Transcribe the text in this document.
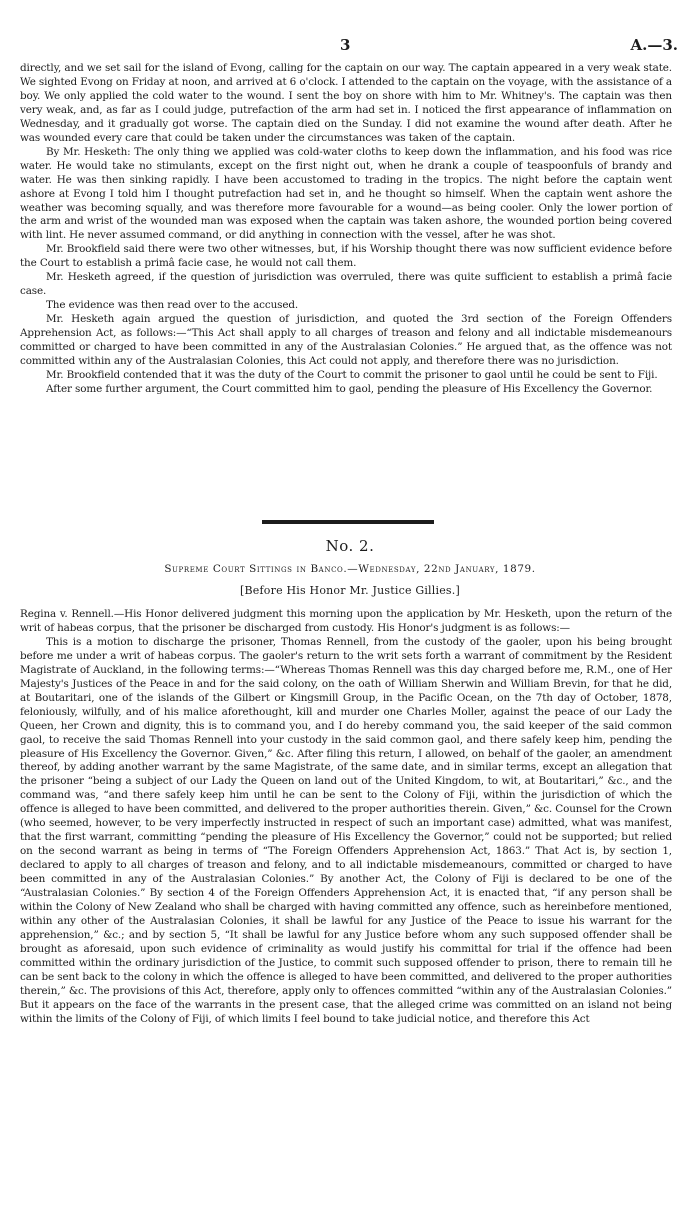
3	A.—3.

directly, and we set sail for the island of Evong, calling for the captain on our way. The captain appeared in a very weak state. We sighted Evong on Friday at noon, and arrived at 6 o'clock. I attended to the captain on the voyage, with the assistance of a boy. We only applied the cold water to the wound. I sent the boy on shore with him to Mr. Whitney's. The captain was then very weak, and, as far as I could judge, putrefaction of the arm had set in. I noticed the first appearance of inflammation on Wednesday, and it gradually got worse. The captain died on the Sunday. I did not examine the wound after death. After he was wounded every care that could be taken under the circumstances was taken of the captain.

By Mr. Hesketh: The only thing we applied was cold-water cloths to keep down the inflammation, and his food was rice water. He would take no stimulants, except on the first night out, when he drank a couple of teaspoonfuls of brandy and water. He was then sinking rapidly. I have been accustomed to trading in the tropics. The night before the captain went ashore at Evong I told him I thought putrefaction had set in, and he thought so himself. When the captain went ashore the weather was becoming squally, and was therefore more favourable for a wound—as being cooler. Only the lower portion of the arm and wrist of the wounded man was exposed when the captain was taken ashore, the wounded portion being covered with lint. He never assumed command, or did anything in connection with the vessel, after he was shot.

Mr. Brookfield said there were two other witnesses, but, if his Worship thought there was now sufficient evidence before the Court to establish a primâ facie case, he would not call them.

Mr. Hesketh agreed, if the question of jurisdiction was overruled, there was quite sufficient to establish a primâ facie case.

The evidence was then read over to the accused.

Mr. Hesketh again argued the question of jurisdiction, and quoted the 3rd section of the Foreign Offenders Apprehension Act, as follows:—“This Act shall apply to all charges of treason and felony and all indictable misdemeanours committed or charged to have been committed in any of the Australasian Colonies.” He argued that, as the offence was not committed within any of the Australasian Colonies, this Act could not apply, and therefore there was no jurisdiction.

Mr. Brookfield contended that it was the duty of the Court to commit the prisoner to gaol until he could be sent to Fiji.

After some further argument, the Court committed him to gaol, pending the pleasure of His Excellency the Governor.

No. 2.
Supreme Court Sittings in Banco.—Wednesday, 22nd January, 1879.
[Before His Honor Mr. Justice Gillies.]

Regina v. Rennell.—His Honor delivered judgment this morning upon the application by Mr. Hesketh, upon the return of the writ of habeas corpus, that the prisoner be discharged from custody. His Honor's judgment is as follows:—

This is a motion to discharge the prisoner, Thomas Rennell, from the custody of the gaoler, upon his being brought before me under a writ of habeas corpus. The gaoler's return to the writ sets forth a warrant of commitment by the Resident Magistrate of Auckland, in the following terms:—“Whereas Thomas Rennell was this day charged before me, R.M., one of Her Majesty's Justices of the Peace in and for the said colony, on the oath of William Sherwin and William Brevin, for that he did, at Boutaritari, one of the islands of the Gilbert or Kingsmill Group, in the Pacific Ocean, on the 7th day of October, 1878, feloniously, wilfully, and of his malice aforethought, kill and murder one Charles Moller, against the peace of our Lady the Queen, her Crown and dignity, this is to command you, and I do hereby command you, the said keeper of the said common gaol, to receive the said Thomas Rennell into your custody in the said common gaol, and there safely keep him, pending the pleasure of His Excellency the Governor. Given,” &c. After filing this return, I allowed, on behalf of the gaoler, an amendment thereof, by adding another warrant by the same Magistrate, of the same date, and in similar terms, except an allegation that the prisoner “being a subject of our Lady the Queen on land out of the United Kingdom, to wit, at Boutaritari,” &c., and the command was, “and there safely keep him until he can be sent to the Colony of Fiji, within the jurisdiction of which the offence is alleged to have been committed, and delivered to the proper authorities therein. Given,” &c. Counsel for the Crown (who seemed, however, to be very imperfectly instructed in respect of such an important case) admitted, what was manifest, that the first warrant, committing “pending the pleasure of His Excellency the Governor,” could not be supported; but relied on the second warrant as being in terms of “The Foreign Offenders Apprehension Act, 1863.” That Act is, by section 1, declared to apply to all charges of treason and felony, and to all indictable misdemeanours, committed or charged to have been committed in any of the Australasian Colonies.” By another Act, the Colony of Fiji is declared to be one of the “Australasian Colonies.” By section 4 of the Foreign Offenders Apprehension Act, it is enacted that, “if any person shall be within the Colony of New Zealand who shall be charged with having committed any offence, such as hereinbefore mentioned, within any other of the Australasian Colonies, it shall be lawful for any Justice of the Peace to issue his warrant for the apprehension,” &c.; and by section 5, “It shall be lawful for any Justice before whom any such supposed offender shall be brought as aforesaid, upon such evidence of criminality as would justify his committal for trial if the offence had been committed within the ordinary jurisdiction of the Justice, to commit such supposed offender to prison, there to remain till he can be sent back to the colony in which the offence is alleged to have been committed, and delivered to the proper authorities therein,” &c. The provisions of this Act, therefore, apply only to offences committed “within any of the Australasian Colonies.” But it appears on the face of the warrants in the present case, that the alleged crime was committed on an island not being within the limits of the Colony of Fiji, of which limits I feel bound to take judicial notice, and therefore this Act
